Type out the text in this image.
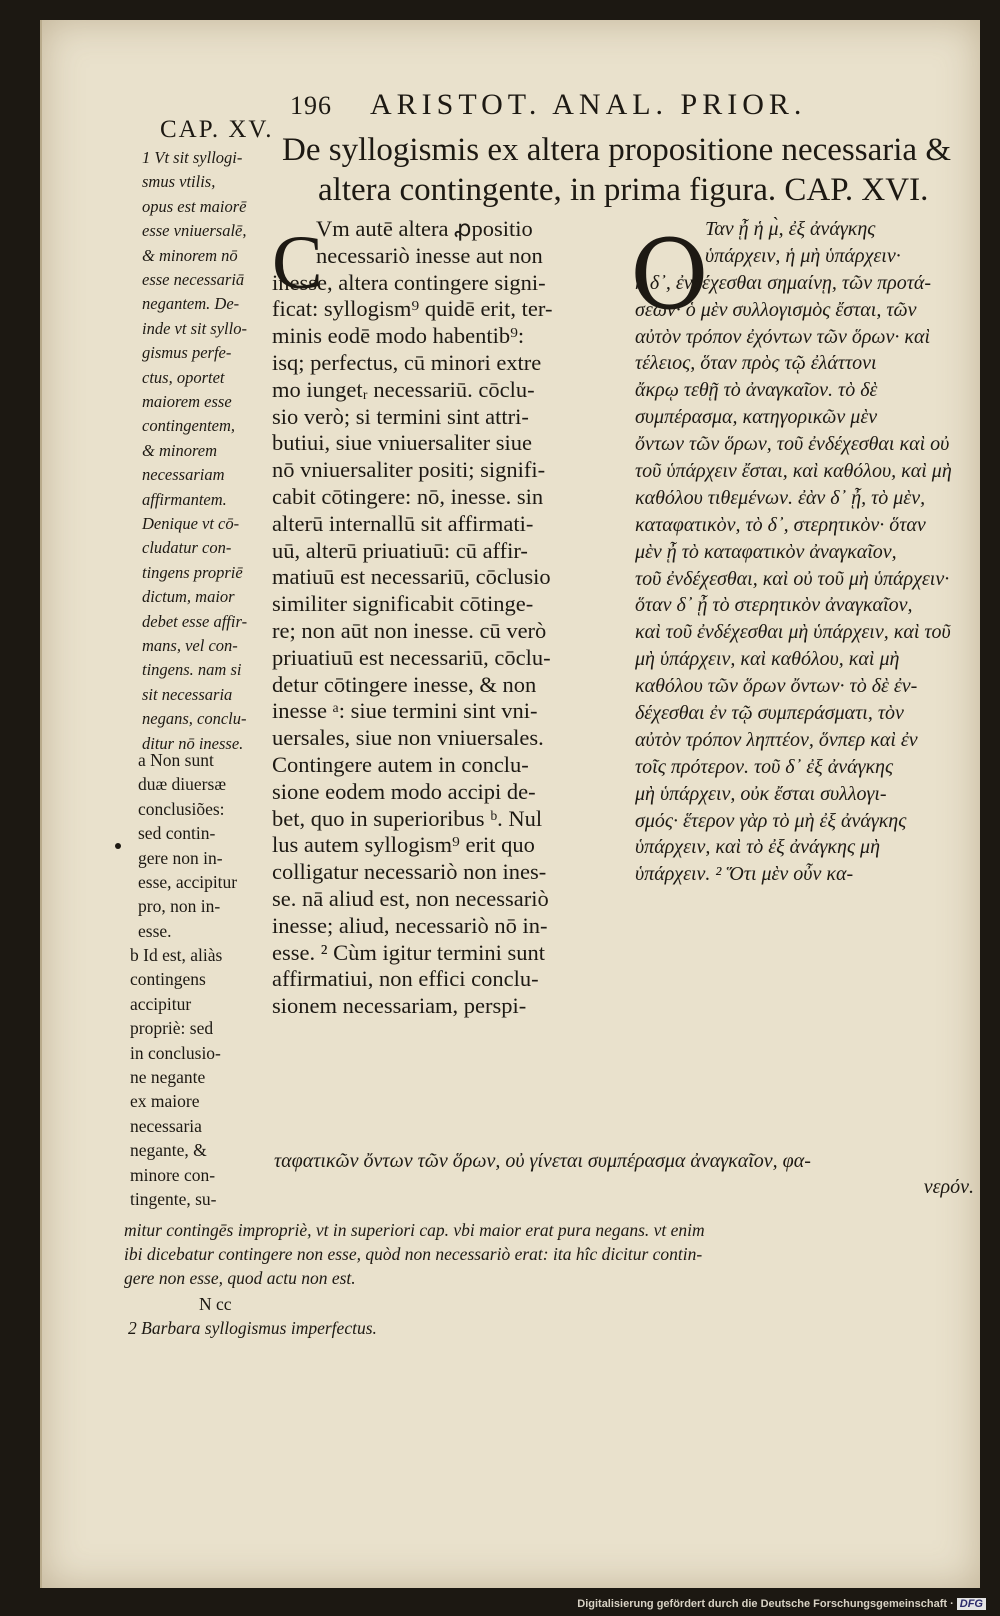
196 ARISTOT. ANAL. PRIOR.
CAP. XV.
De syllogismis ex altera propositione necessaria &
altera contingente, in prima figura. CAP. XVI.
1 Vt sit syllogi-
smus vtilis,
opus est maiorē
esse vniuersalē,
& minorem nō
esse necessariā
negantem. De-
inde vt sit syllo-
gismus perfe-
ctus, oportet
maiorem esse
contingentem,
& minorem
necessariam
affirmantem.
Denique vt cō-
cludatur con-
tingens propriē
dictum, maior
debet esse affir-
mans, vel con-
tingens. nam si
sit necessaria
negans, conclu-
ditur nō inesse.
a Non sunt
duæ diuersæ
conclusiões:
sed contin-
gere non in-
esse, accipitur
pro, non in-
esse.
b Id est, aliàs
contingens
accipitur
propriè: sed
in conclusio-
ne negante
ex maiore
necessaria
negante, &
minore con-
tingente, su-
C
Vm autē altera ꝓpositio
necessariò inesse aut non
inesse, altera contingere signi-
ficat: syllogism⁹ quidē erit, ter-
minis eodē modo habentib⁹:
isq; perfectus, cū minori extre
mo iungetᵣ necessariū. cōclu-
sio verò; si termini sint attri-
butiui, siue vniuersaliter siue
nō vniuersaliter positi; signifi-
cabit cōtingere: nō, inesse. sin
alterū internallū sit affirmati-
uū, alterū priuatiuū: cū affir-
matiuū est necessariū, cōclusio
similiter significabit cōtinge-
re; non aūt non inesse. cū verò
priuatiuū est necessariū, cōclu-
detur cōtingere inesse, & non
inesse ᵃ: siue termini sint vni-
uersales, siue non vniuersales.
Contingere autem in conclu-
sione eodem modo accipi de-
bet, quo in superioribus ᵇ. Nul
lus autem syllogism⁹ erit quo
colligatur necessariò non ines-
se. nā aliud est, non necessariò
inesse; aliud, necessariò nō in-
esse. ² Cùm igitur termini sunt
affirmatiui, non effici conclu-
sionem necessariam, perspi-
O
Ταν ᾖ ἡ μ̀, ἐξ ἀνάγκης
ὑπάρχειν, ἡ μὴ ὑπάρχειν·
ἡ δ᾽, ἐνδέχεσθαι σημαίνῃ, τῶν προτά-
σεων· ὁ μὲν συλλογισμὸς ἔσται, τῶν
αὐτὸν τρόπον ἐχόντων τῶν ὅρων· καὶ
τέλειος, ὅταν πρὸς τῷ ἐλάττονι
ἄκρῳ τεθῇ τὸ ἀναγκαῖον. τὸ δὲ
συμπέρασμα, κατηγορικῶν μὲν
ὄντων τῶν ὅρων, τοῦ ἐνδέχεσθαι καὶ οὐ
τοῦ ὑπάρχειν ἔσται, καὶ καθόλου, καὶ μὴ
καθόλου τιθεμένων. ἐὰν δ᾽ ᾖ, τὸ μὲν,
καταφατικὸν, τὸ δ᾽, στερητικὸν· ὅταν
μὲν ᾖ τὸ καταφατικὸν ἀναγκαῖον,
τοῦ ἐνδέχεσθαι, καὶ οὐ τοῦ μὴ ὑπάρχειν·
ὅταν δ᾽ ᾖ τὸ στερητικὸν ἀναγκαῖον,
καὶ τοῦ ἐνδέχεσθαι μὴ ὑπάρχειν, καὶ τοῦ
μὴ ὑπάρχειν, καὶ καθόλου, καὶ μὴ
καθόλου τῶν ὅρων ὄντων· τὸ δὲ ἐν-
δέχεσθαι ἐν τῷ συμπεράσματι, τὸν
αὐτὸν τρόπον ληπτέον, ὅνπερ καὶ ἐν
τοῖς πρότερον. τοῦ δ᾽ ἐξ ἀνάγκης
μὴ ὑπάρχειν, οὐκ ἔσται συλλογι-
σμός· ἕτερον γὰρ τὸ μὴ ἐξ ἀνάγκης
ὑπάρχειν, καὶ τὸ ἐξ ἀνάγκης μὴ
ὑπάρχειν. ² Ὅτι μὲν οὖν κα-
ταφατικῶν ὄντων τῶν ὅρων, οὐ γίνεται συμπέρασμα ἀναγκαῖον, φα-
νερόν.
mitur contingēs impropriè, vt in superiori cap. vbi maior erat pura negans. vt enim
ibi dicebatur contingere non esse, quòd non necessariò erat: ita hîc dicitur contin-
gere non esse, quod actu non est.
N cc
2 Barbara syllogismus imperfectus.
Digitalisierung gefördert durch die Deutsche Forschungsgemeinschaft · DFG
